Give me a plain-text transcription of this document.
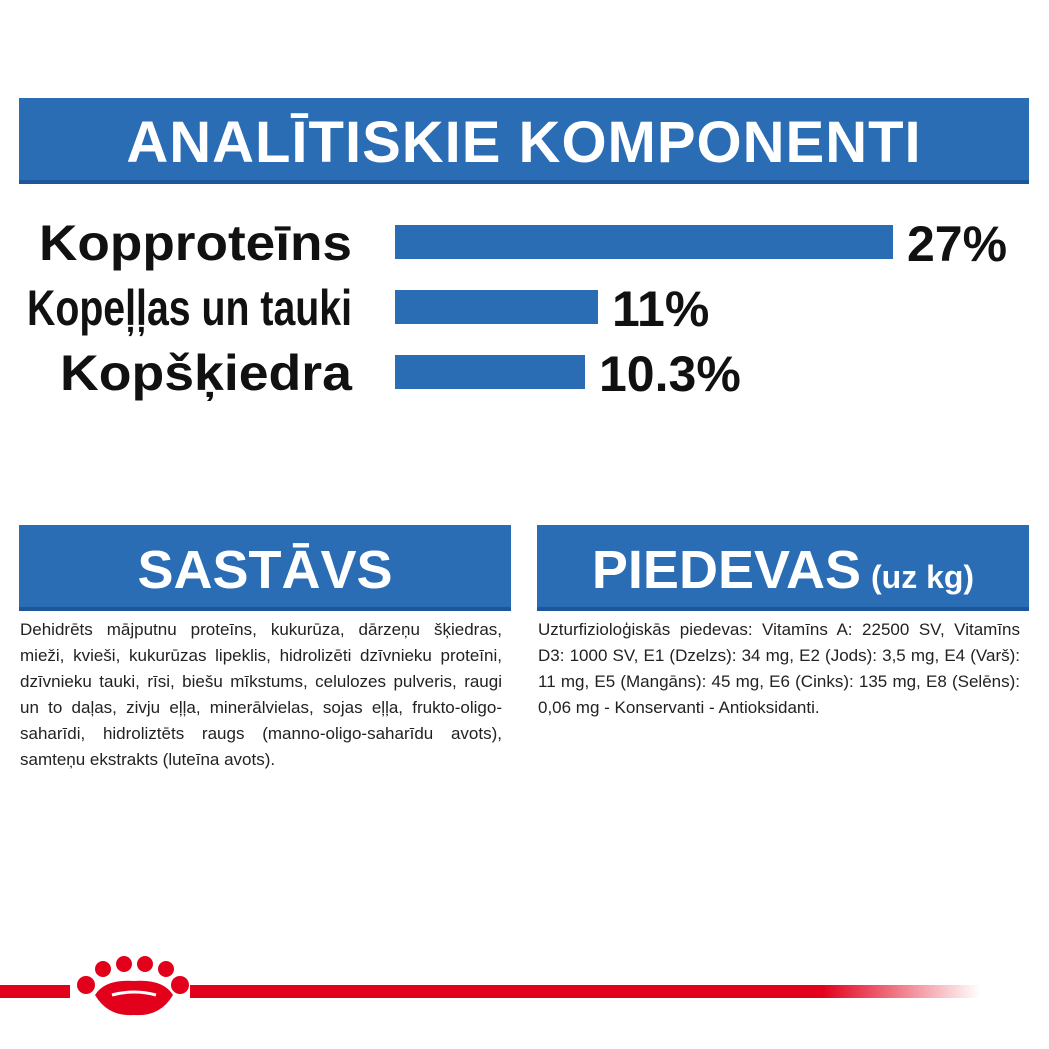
ANALĪTISKIE KOMPONENTI
Kopproteīns	27%
Kopeļļas un tauki	11%
Kopšķiedra	10.3%
SASTĀVS	PIEDEVAS (uz kg)

Dehidrēts mājputnu proteīns, kukurūza, dārzeņu šķiedras, mieži, kvieši, kukurūzas lipeklis, hidrolizēti dzīvnieku proteīni, dzīvnieku tauki, rīsi, biešu mīkstums, celulozes pulveris, raugi un to daļas, zivju eļļa, minerālvielas, sojas eļļa, frukto-oligo-saharīdi, hidroliztēts raugs (manno-oligo-saharīdu avots), samteņu ekstrakts (luteīna avots).

Uzturfizioloģiskās piedevas: Vitamīns A: 22500 SV, Vitamīns D3: 1000 SV, E1 (Dzelzs): 34 mg, E2 (Jods): 3,5 mg, E4 (Varš): 11 mg, E5 (Mangāns): 45 mg, E6 (Cinks): 135 mg, E8 (Selēns): 0,06 mg - Konservanti - Antioksidanti.
